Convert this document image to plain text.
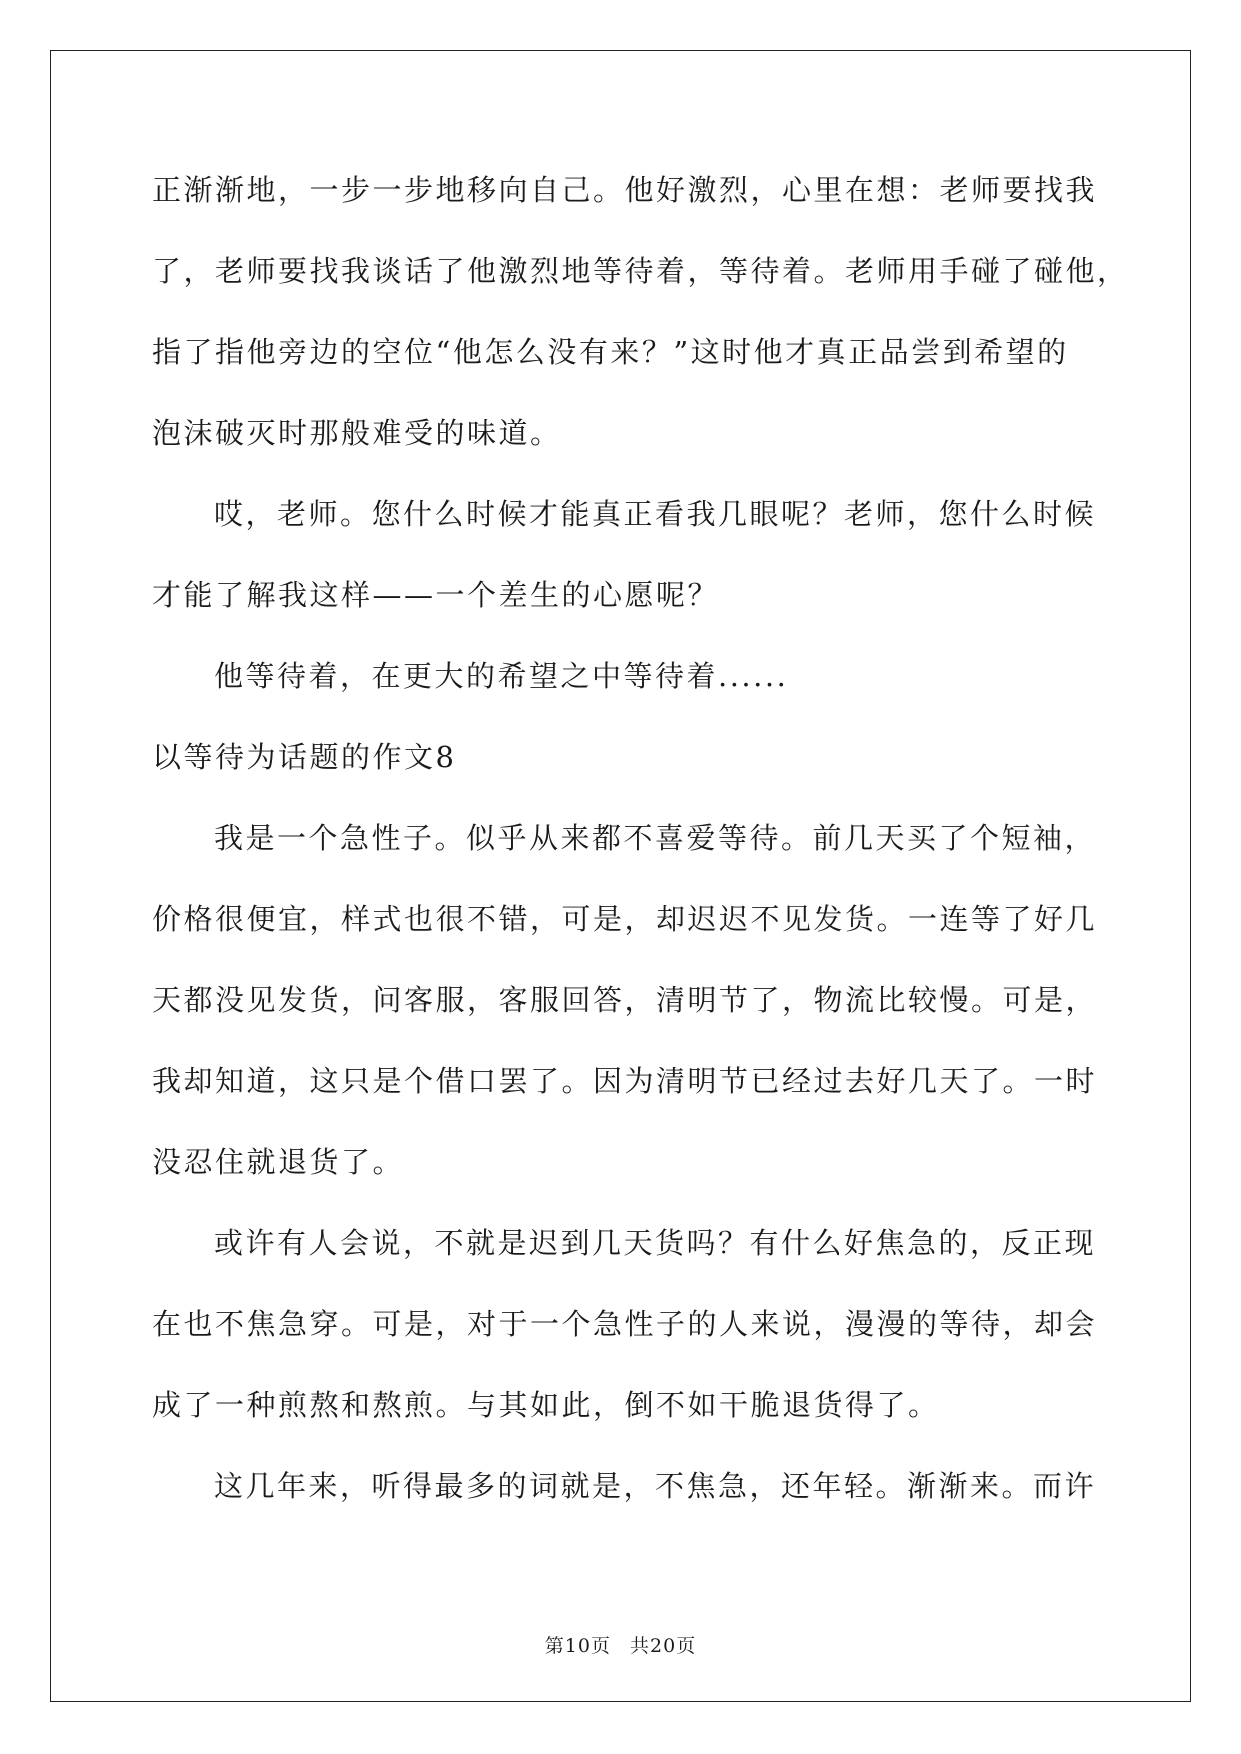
正渐渐地，一步一步地移向自己。他好激烈，心里在想：老师要找我
了，老师要找我谈话了他激烈地等待着，等待着。老师用手碰了碰他，
指了指他旁边的空位“他怎么没有来？”这时他才真正品尝到希望的
泡沫破灭时那般难受的味道。
哎，老师。您什么时候才能真正看我几眼呢？老师，您什么时候
才能了解我这样——一个差生的心愿呢？
他等待着，在更大的希望之中等待着......
以等待为话题的作文8
我是一个急性子。似乎从来都不喜爱等待。前几天买了个短袖，
价格很便宜，样式也很不错，可是，却迟迟不见发货。一连等了好几
天都没见发货，问客服，客服回答，清明节了，物流比较慢。可是，
我却知道，这只是个借口罢了。因为清明节已经过去好几天了。一时
没忍住就退货了。
或许有人会说，不就是迟到几天货吗？有什么好焦急的，反正现
在也不焦急穿。可是，对于一个急性子的人来说，漫漫的等待，却会
成了一种煎熬和熬煎。与其如此，倒不如干脆退货得了。
这几年来，听得最多的词就是，不焦急，还年轻。渐渐来。而许
第10页 共20页
